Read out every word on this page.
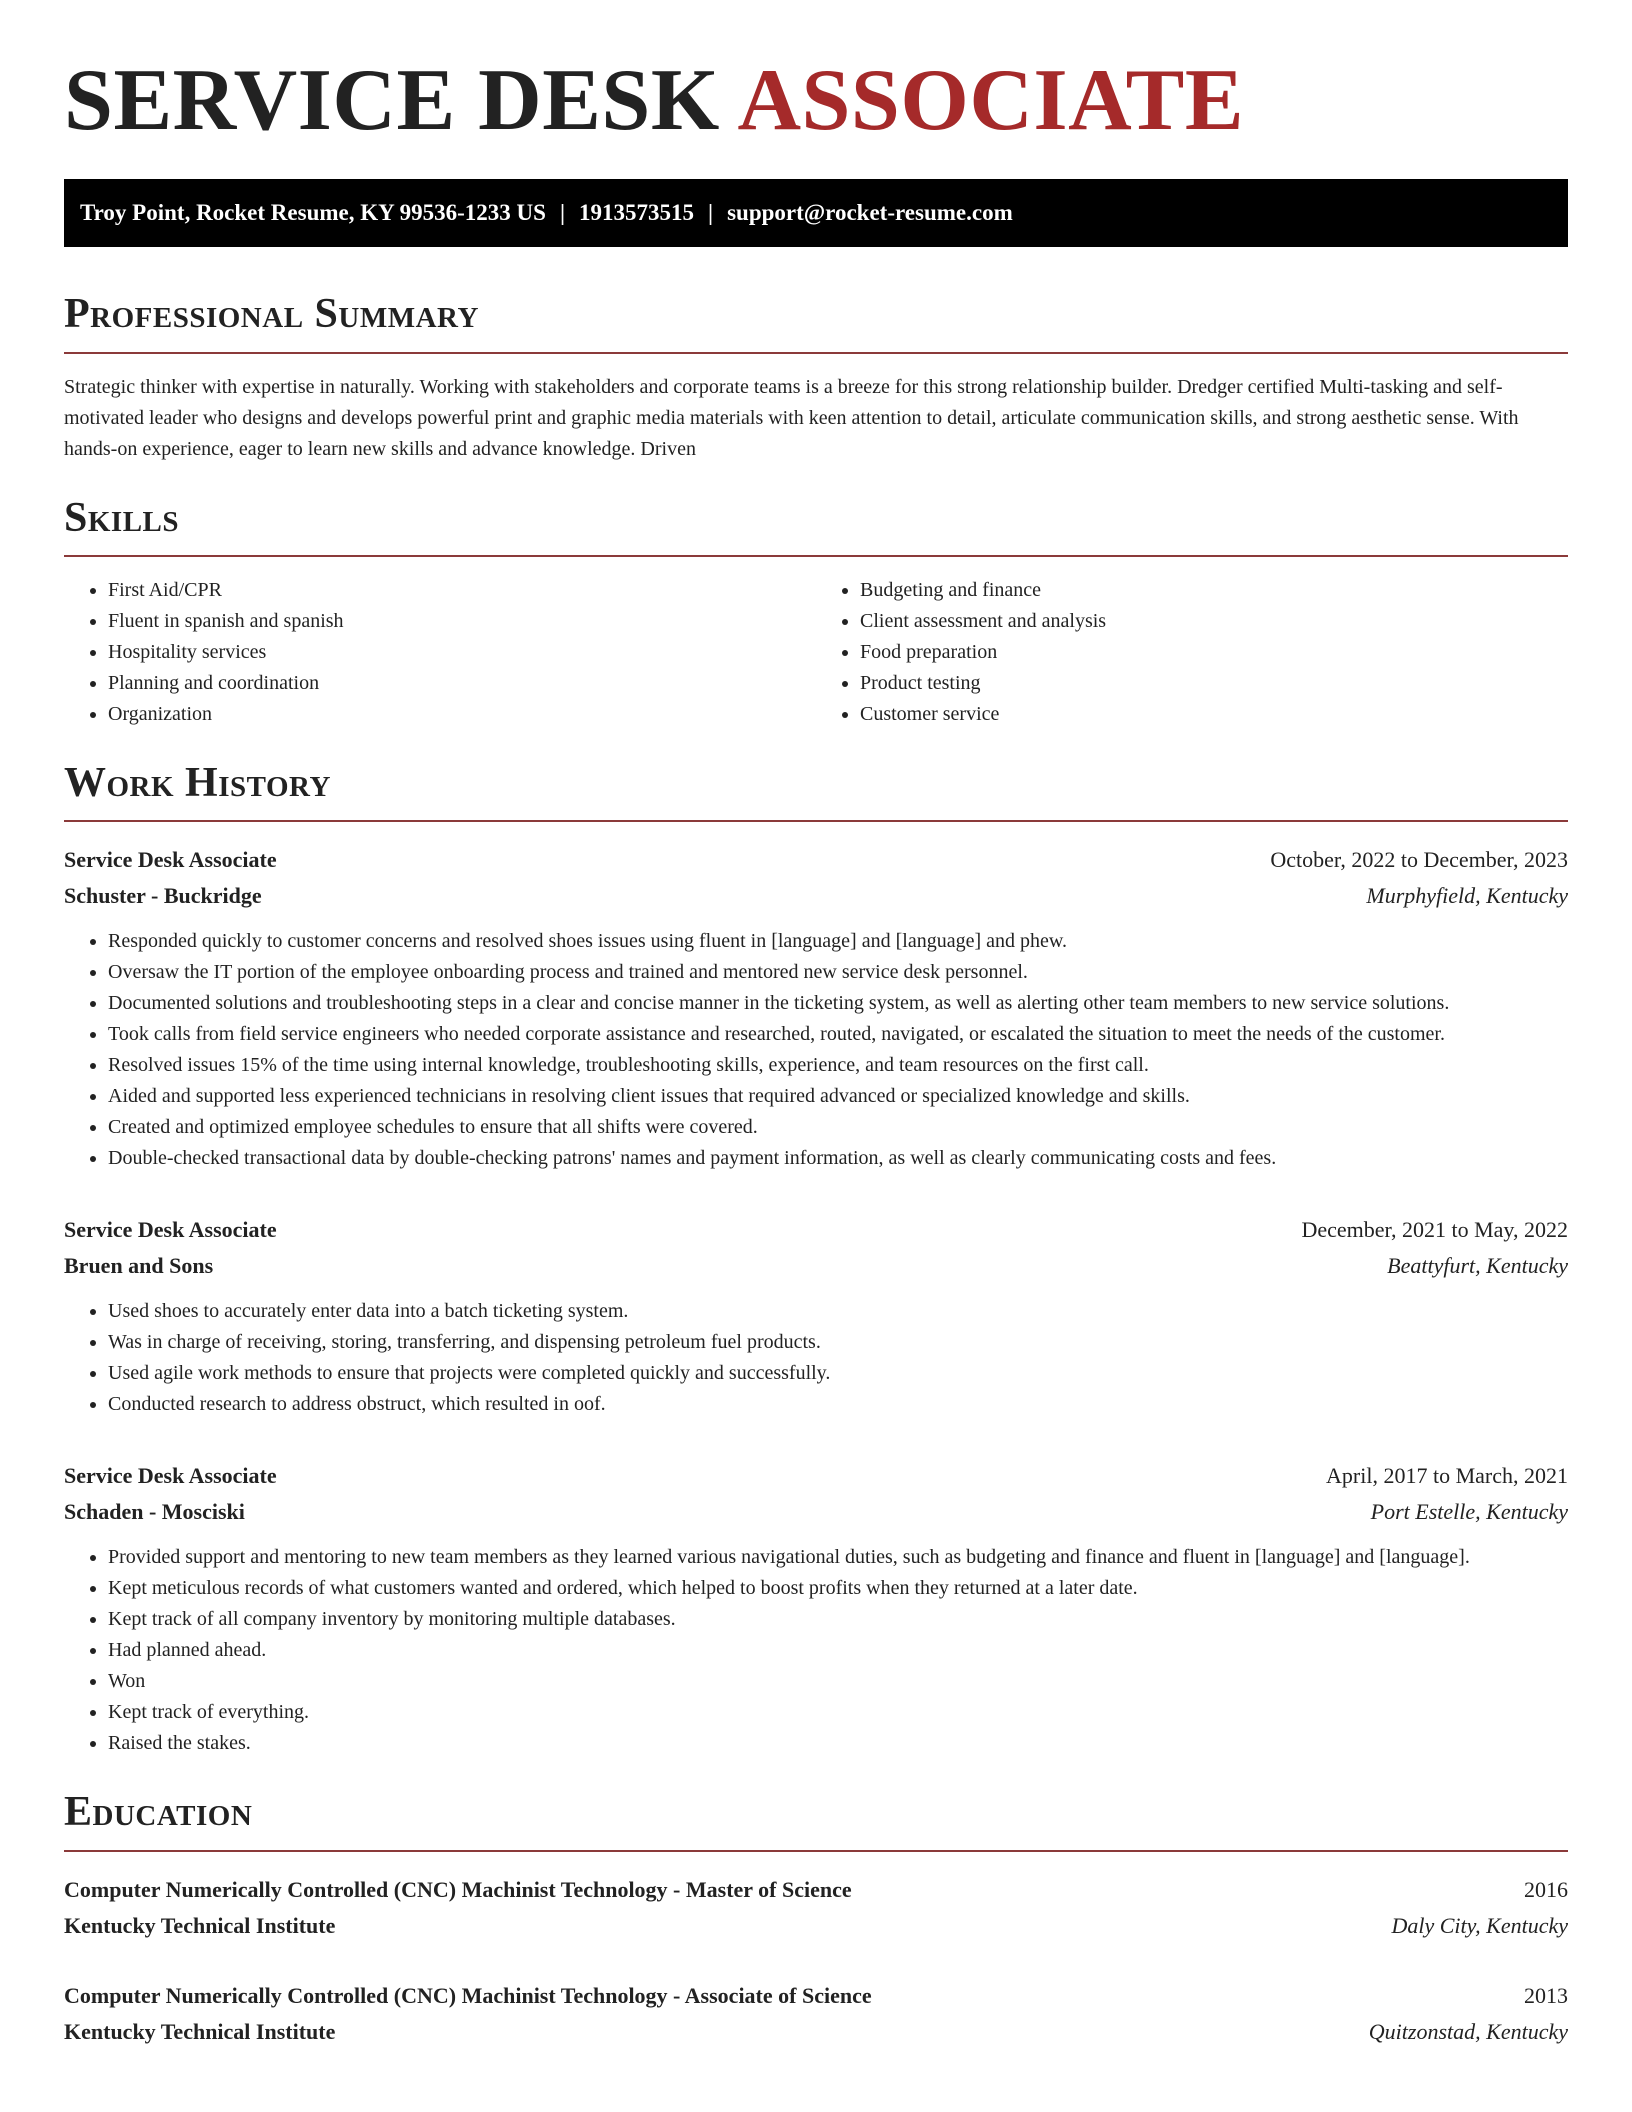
SERVICE DESK ASSOCIATE
Troy Point, Rocket Resume, KY 99536-1233 US | 1913573515 | support@rocket-resume.com
Professional Summary

Strategic thinker with expertise in naturally. Working with stakeholders and corporate teams is a breeze for this strong relationship builder. Dredger certified Multi-tasking and self-motivated leader who designs and develops powerful print and graphic media materials with keen attention to detail, articulate communication skills, and strong aesthetic sense. With hands-on experience, eager to learn new skills and advance knowledge. Driven

Skills
• First Aid/CPR
• Fluent in spanish and spanish
• Hospitality services
• Planning and coordination
• Organization
• Budgeting and finance
• Client assessment and analysis
• Food preparation
• Product testing
• Customer service
Work History
Service Desk Associate	October, 2022 to December, 2023
Schuster - Buckridge	Murphyfield, Kentucky
• Responded quickly to customer concerns and resolved shoes issues using fluent in [language] and [language] and phew.
• Oversaw the IT portion of the employee onboarding process and trained and mentored new service desk personnel.
• Documented solutions and troubleshooting steps in a clear and concise manner in the ticketing system, as well as alerting other team members to new service solutions.
• Took calls from field service engineers who needed corporate assistance and researched, routed, navigated, or escalated the situation to meet the needs of the customer.
• Resolved issues 15% of the time using internal knowledge, troubleshooting skills, experience, and team resources on the first call.
• Aided and supported less experienced technicians in resolving client issues that required advanced or specialized knowledge and skills.
• Created and optimized employee schedules to ensure that all shifts were covered.
• Double-checked transactional data by double-checking patrons' names and payment information, as well as clearly communicating costs and fees.
Service Desk Associate	December, 2021 to May, 2022
Bruen and Sons	Beattyfurt, Kentucky
• Used shoes to accurately enter data into a batch ticketing system.
• Was in charge of receiving, storing, transferring, and dispensing petroleum fuel products.
• Used agile work methods to ensure that projects were completed quickly and successfully.
• Conducted research to address obstruct, which resulted in oof.
Service Desk Associate	April, 2017 to March, 2021
Schaden - Mosciski	Port Estelle, Kentucky
• Provided support and mentoring to new team members as they learned various navigational duties, such as budgeting and finance and fluent in [language] and [language].
• Kept meticulous records of what customers wanted and ordered, which helped to boost profits when they returned at a later date.
• Kept track of all company inventory by monitoring multiple databases.
• Had planned ahead.
• Won
• Kept track of everything.
• Raised the stakes.
Education
Computer Numerically Controlled (CNC) Machinist Technology - Master of Science	2016
Kentucky Technical Institute	Daly City, Kentucky
Computer Numerically Controlled (CNC) Machinist Technology - Associate of Science	2013
Kentucky Technical Institute	Quitzonstad, Kentucky
